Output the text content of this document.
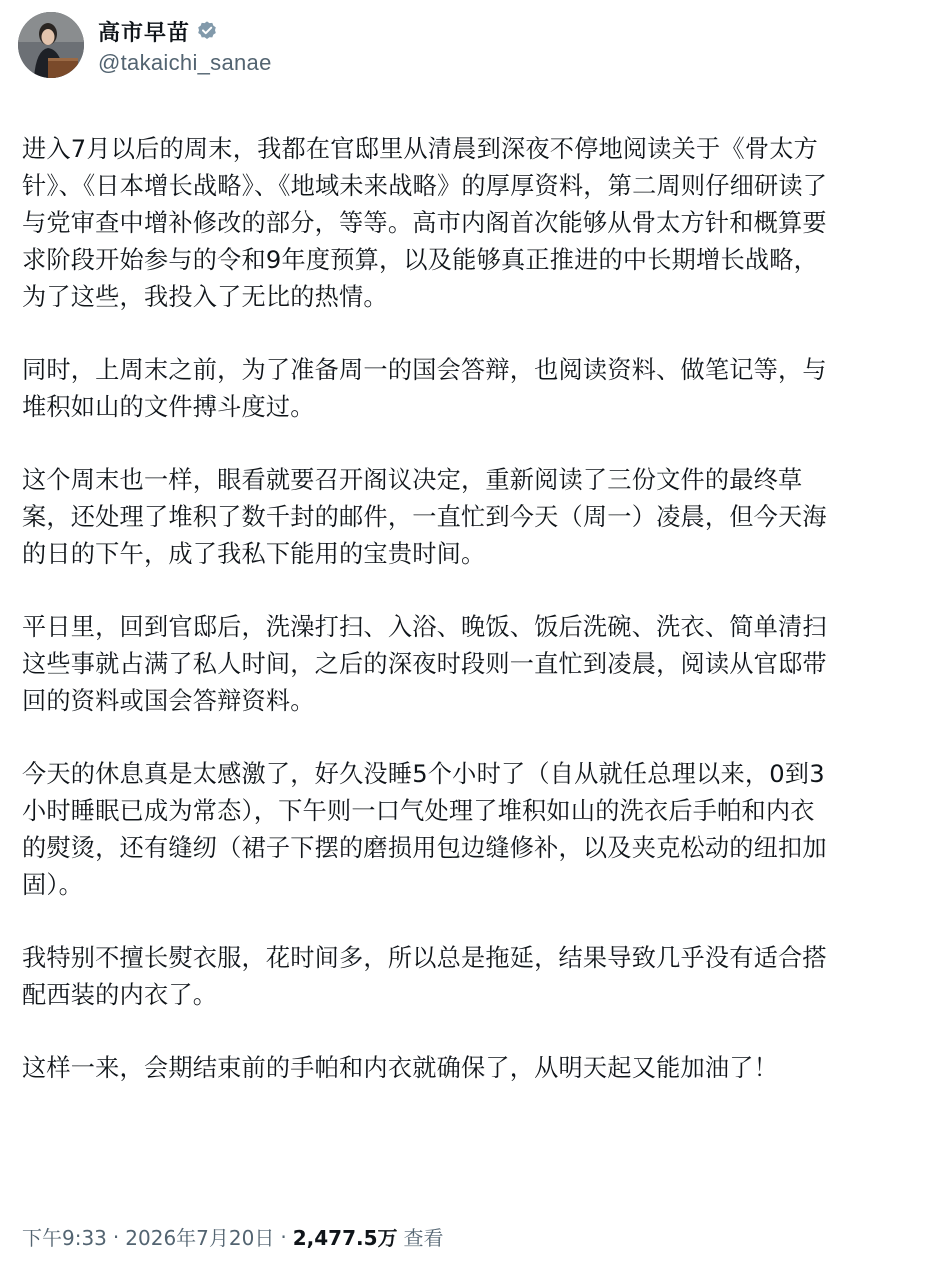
高市早苗
@takaichi_sanae

进入7月以后的周末，我都在官邸里从清晨到深夜不停地阅读关于《骨太方
针》、《日本增长战略》、《地域未来战略》的厚厚资料，第二周则仔细研读了
与党审查中增补修改的部分，等等。高市内阁首次能够从骨太方针和概算要
求阶段开始参与的令和9年度预算，以及能够真正推进的中长期增长战略，
为了这些，我投入了无比的热情。

同时，上周末之前，为了准备周一的国会答辩，也阅读资料、做笔记等，与
堆积如山的文件搏斗度过。

这个周末也一样，眼看就要召开阁议决定，重新阅读了三份文件的最终草
案，还处理了堆积了数千封的邮件，一直忙到今天（周一）凌晨，但今天海
的日的下午，成了我私下能用的宝贵时间。

平日里，回到官邸后，洗澡打扫、入浴、晚饭、饭后洗碗、洗衣、简单清扫
这些事就占满了私人时间，之后的深夜时段则一直忙到凌晨，阅读从官邸带
回的资料或国会答辩资料。

今天的休息真是太感激了，好久没睡5个小时了（自从就任总理以来，0到3
小时睡眠已成为常态），下午则一口气处理了堆积如山的洗衣后手帕和内衣
的熨烫，还有缝纫（裙子下摆的磨损用包边缝修补，以及夹克松动的纽扣加
固）。

我特别不擅长熨衣服，花时间多，所以总是拖延，结果导致几乎没有适合搭
配西装的内衣了。

这样一来，会期结束前的手帕和内衣就确保了，从明天起又能加油了！

下午9:33 · 2026年7月20日 · 2,477.5万 查看
